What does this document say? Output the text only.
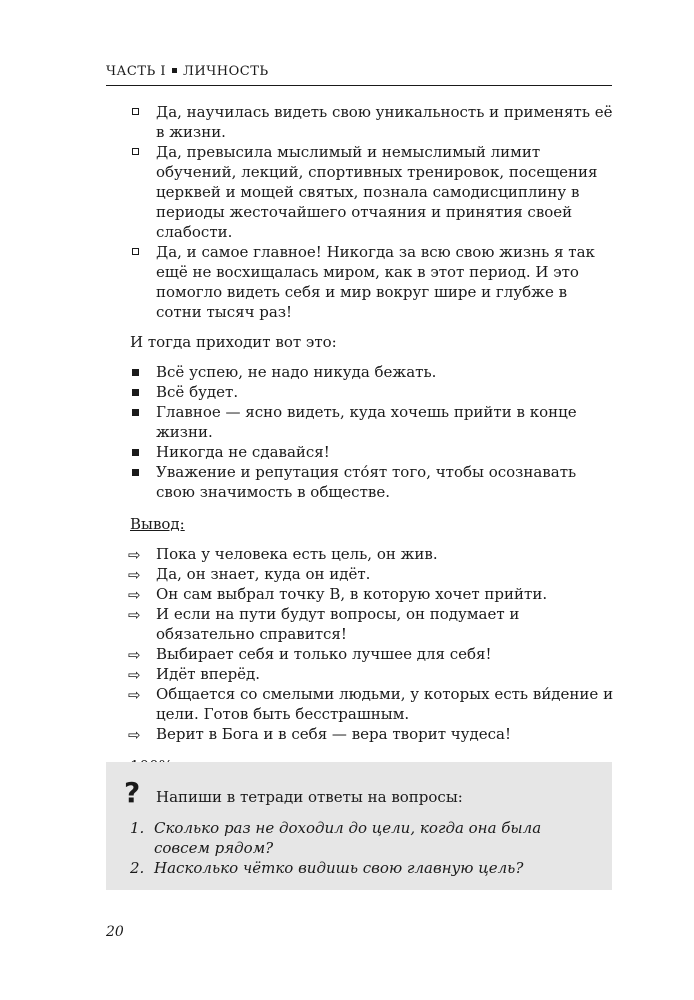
ЧАСТЬ I ЛИЧНОСТЬ
Да, научилась видеть свою уникальность и применять её в жизни.
Да, превысила мыслимый и немыслимый лимит обучений, лекций, спортивных тренировок, посещения церквей и мощей святых, познала самодисциплину в периоды жесточайшего отчаяния и принятия своей слабости.
Да, и самое главное! Никогда за всю свою жизнь я так ещё не восхищалась миром, как в этот период. И это помогло видеть себя и мир вокруг шире и глубже в сотни тысяч раз!

И тогда приходит вот это:

Всё успею, не надо никуда бежать.
Всё будет.
Главное — ясно видеть, куда хочешь прийти в конце жизни.
Никогда не сдавайся!
Уважение и репутация сто́ят того, чтобы осознавать свою значимость в обществе.

Вывод:

⇨ Пока у человека есть цель, он жив.
⇨ Да, он знает, куда он идёт.
⇨ Он сам выбрал точку В, в которую хочет прийти.
⇨ И если на пути будут вопросы, он подумает и обязательно справится!
⇨ Выбирает себя и только лучшее для себя!
⇨ Идёт вперёд.
⇨ Общается со смелыми людьми, у которых есть ви́дение и цели. Готов быть бесстрашным.
⇨ Верит в Бога и в себя — вера творит чудеса!

? Напиши в тетради ответы на вопросы:
1. Сколько раз не доходил до цели, когда она была совсем рядом?
2. Насколько чётко видишь свою главную цель?
20
